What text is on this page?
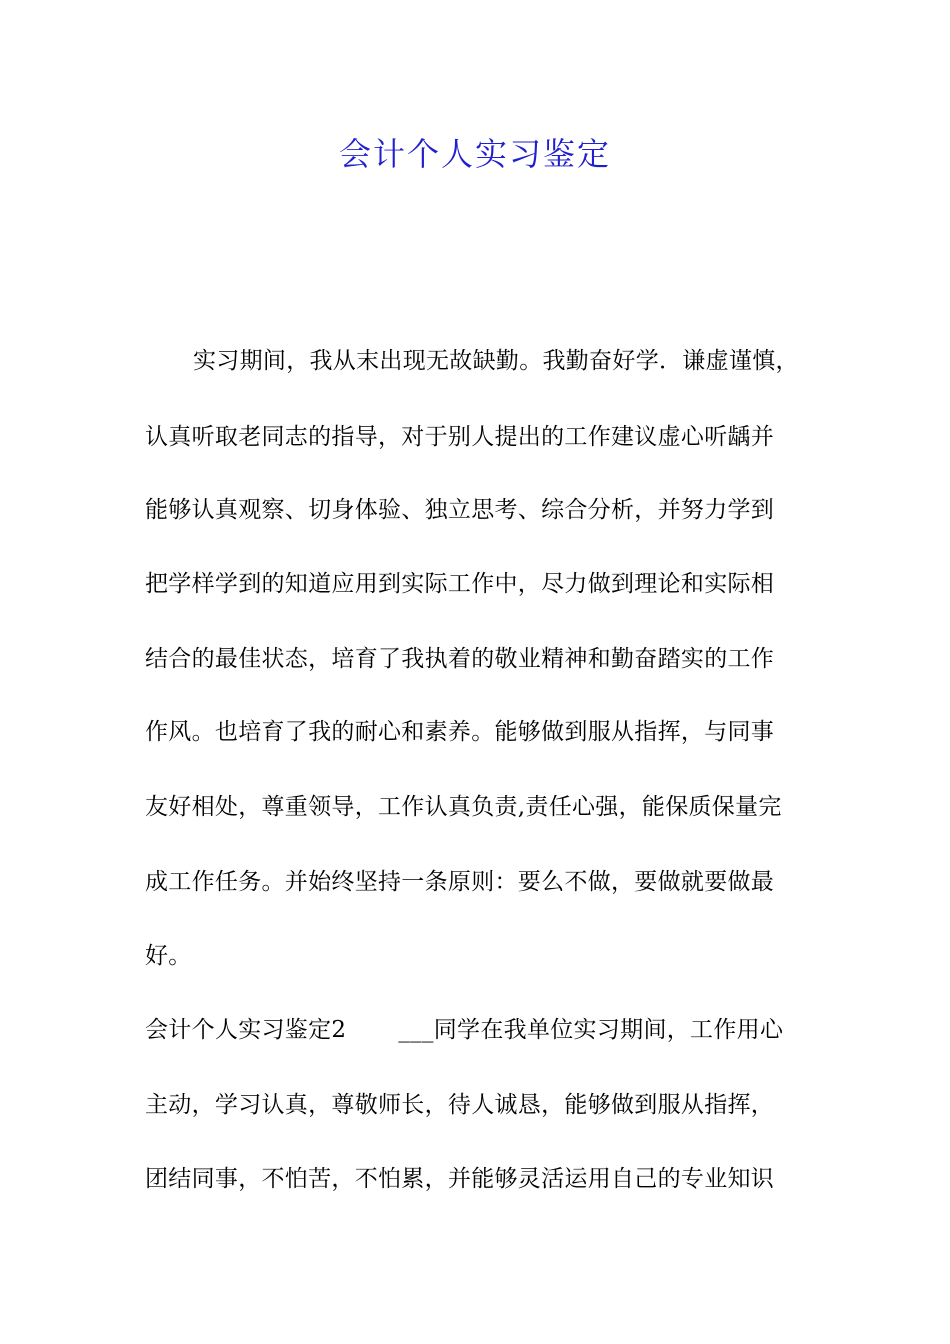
会计个人实习鉴定
实习期间，我从末出现无故缺勤。我勤奋好学．谦虚谨慎，
认真听取老同志的指导，对于别人提出的工作建议虚心听龋并
能够认真观察、切身体验、独立思考、综合分析，并努力学到
把学样学到的知道应用到实际工作中，尽力做到理论和实际相
结合的最佳状态，培育了我执着的敬业精神和勤奋踏实的工作
作风。也培育了我的耐心和素养。能够做到服从指挥，与同事
友好相处，尊重领导，工作认真负责,责任心强，能保质保量完
成工作任务。并始终坚持一条原则：要么不做，要做就要做最
好。
会计个人实习鉴定2 ___同学在我单位实习期间，工作用心
主动，学习认真，尊敬师长，待人诚恳，能够做到服从指挥，
团结同事，不怕苦，不怕累，并能够灵活运用自己的专业知识
